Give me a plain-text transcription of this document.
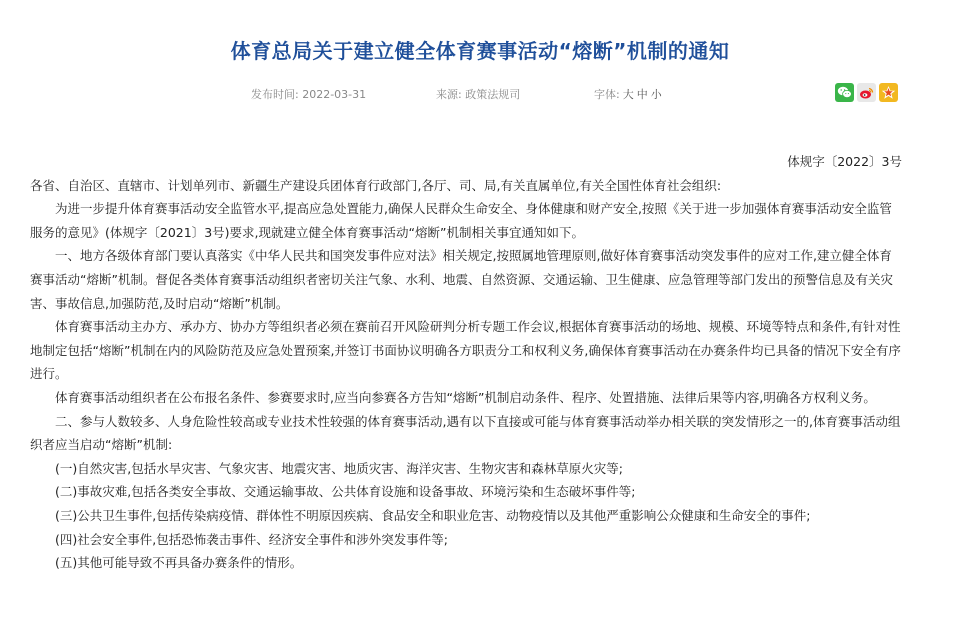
体育总局关于建立健全体育赛事活动“熔断”机制的通知
发布时间: 2022-03-31	来源: 政策法规司	字体: 大 中 小

体规字〔2022〕3号

各省、自治区、直辖市、计划单列市、新疆生产建设兵团体育行政部门,各厅、司、局,有关直属单位,有关全国性体育社会组织:

为进一步提升体育赛事活动安全监管水平,提高应急处置能力,确保人民群众生命安全、身体健康和财产安全,按照《关于进一步加强体育赛事活动安全监管服务的意见》(体规字〔2021〕3号)要求,现就建立健全体育赛事活动“熔断”机制相关事宜通知如下。

一、地方各级体育部门要认真落实《中华人民共和国突发事件应对法》相关规定,按照属地管理原则,做好体育赛事活动突发事件的应对工作,建立健全体育赛事活动“熔断”机制。督促各类体育赛事活动组织者密切关注气象、水利、地震、自然资源、交通运输、卫生健康、应急管理等部门发出的预警信息及有关灾害、事故信息,加强防范,及时启动“熔断”机制。

体育赛事活动主办方、承办方、协办方等组织者必须在赛前召开风险研判分析专题工作会议,根据体育赛事活动的场地、规模、环境等特点和条件,有针对性地制定包括“熔断”机制在内的风险防范及应急处置预案,并签订书面协议明确各方职责分工和权利义务,确保体育赛事活动在办赛条件均已具备的情况下安全有序进行。

体育赛事活动组织者在公布报名条件、参赛要求时,应当向参赛各方告知“熔断”机制启动条件、程序、处置措施、法律后果等内容,明确各方权利义务。

二、参与人数较多、人身危险性较高或专业技术性较强的体育赛事活动,遇有以下直接或可能与体育赛事活动举办相关联的突发情形之一的,体育赛事活动组织者应当启动“熔断”机制:

(一)自然灾害,包括水旱灾害、气象灾害、地震灾害、地质灾害、海洋灾害、生物灾害和森林草原火灾等;

(二)事故灾难,包括各类安全事故、交通运输事故、公共体育设施和设备事故、环境污染和生态破坏事件等;

(三)公共卫生事件,包括传染病疫情、群体性不明原因疾病、食品安全和职业危害、动物疫情以及其他严重影响公众健康和生命安全的事件;

(四)社会安全事件,包括恐怖袭击事件、经济安全事件和涉外突发事件等;

(五)其他可能导致不再具备办赛条件的情形。
